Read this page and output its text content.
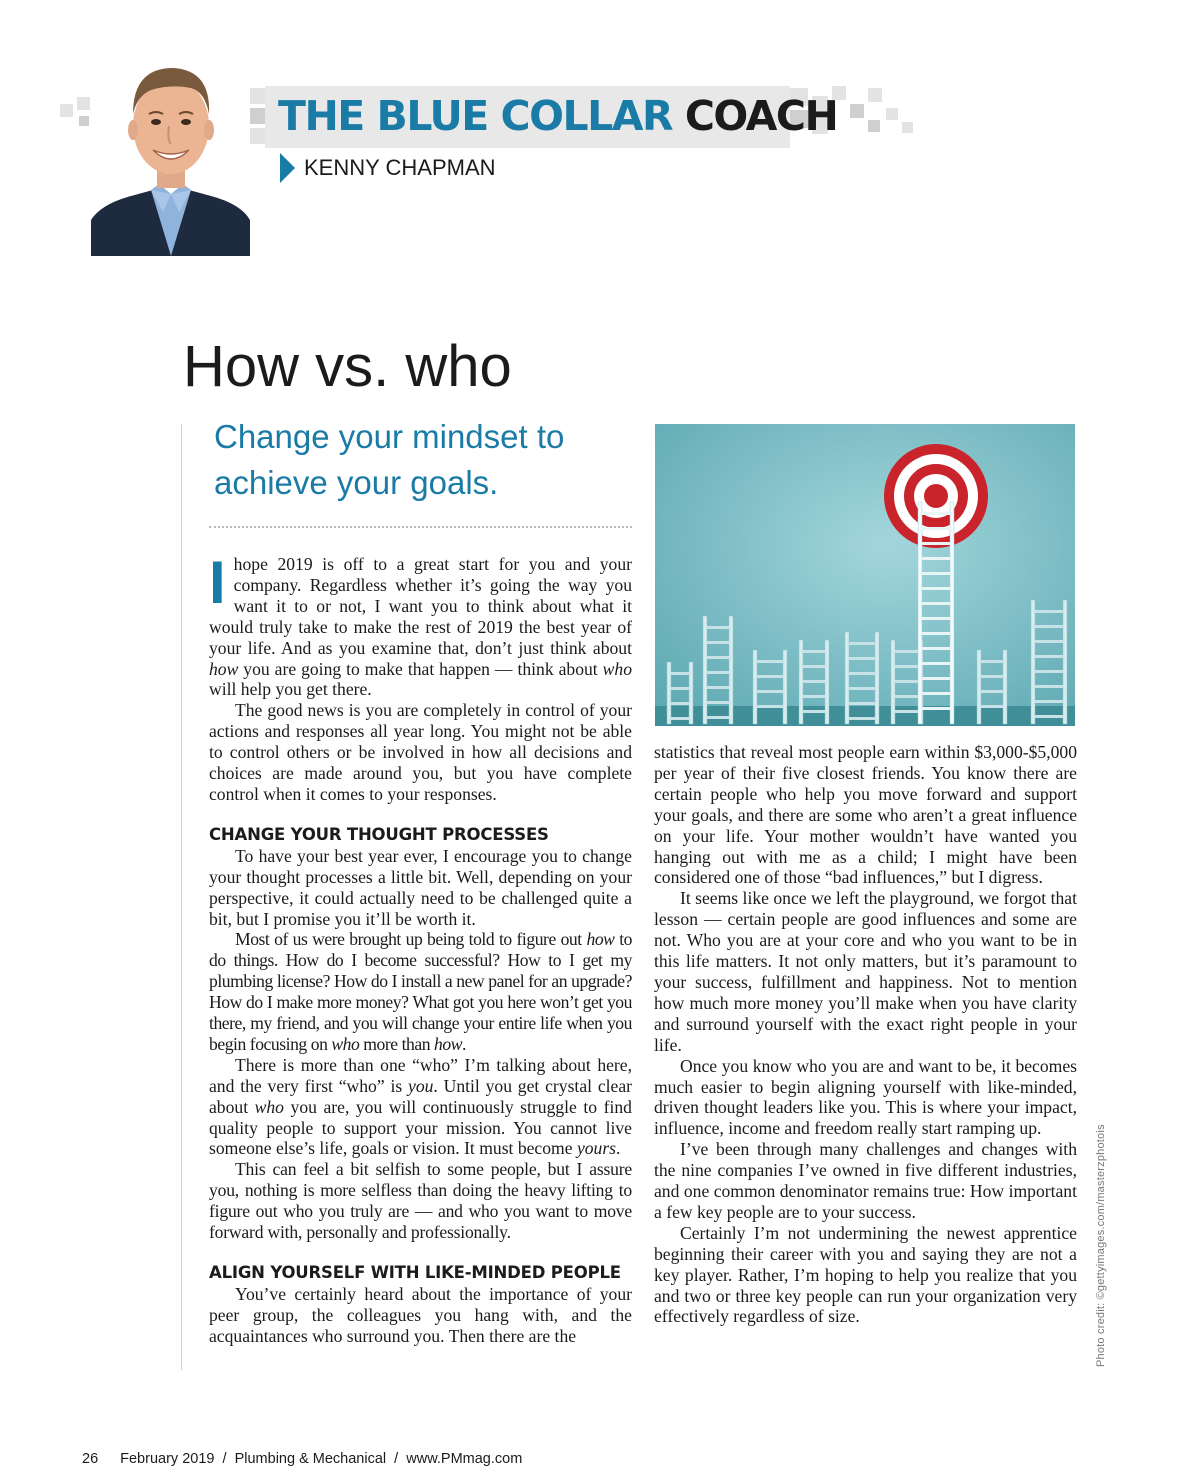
THE BLUE COLLAR COACH
KENNY CHAPMAN
How vs. who
Change your mindset to achieve your goals.

Ihope 2019 is off to a great start for you and your company. Regardless whether it’s going the way you want it to or not, I want you to think about what it would truly take to make the rest of 2019 the best year of your life. And as you examine that, don’t just think about how you are going to make that happen — think about who will help you get there.

The good news is you are completely in control of your actions and responses all year long. You might not be able to control others or be involved in how all decisions and choices are made around you, but you have complete control when it comes to your responses.

CHANGE YOUR THOUGHT PROCESSES

To have your best year ever, I encourage you to change your thought processes a little bit. Well, depending on your perspective, it could actually need to be challenged quite a bit, but I promise you it’ll be worth it.

Most of us were brought up being told to figure out how to do things. How do I become successful? How to I get my plumbing license? How do I install a new panel for an upgrade? How do I make more money? What got you here won’t get you there, my friend, and you will change your entire life when you begin focusing on who more than how.

There is more than one “who” I’m talking about here, and the very first “who” is you. Until you get crystal clear about who you are, you will continuously struggle to find quality people to support your mission. You cannot live someone else’s life, goals or vision. It must become yours.

This can feel a bit selfish to some people, but I assure you, nothing is more selfless than doing the heavy lifting to figure out who you truly are — and who you want to move forward with, personally and professionally.

ALIGN YOURSELF WITH LIKE-MINDED PEOPLE

You’ve certainly heard about the importance of your peer group, the colleagues you hang with, and the acquaintances who surround you. Then there are the

statistics that reveal most people earn within $3,000-$5,000 per year of their five closest friends. You know there are certain people who help you move forward and support your goals, and there are some who aren’t a great influence on your life. Your mother wouldn’t have wanted you hanging out with me as a child; I might have been considered one of those “bad influences,” but I digress.

It seems like once we left the playground, we forgot that lesson — certain people are good influences and some are not. Who you are at your core and who you want to be in this life matters. It not only matters, but it’s paramount to your success, fulfillment and happiness. Not to mention how much more money you’ll make when you have clarity and surround yourself with the exact right people in your life.

Once you know who you are and want to be, it becomes much easier to begin aligning yourself with like-minded, driven thought leaders like you. This is where your impact, influence, income and freedom really start ramping up.

I’ve been through many challenges and changes with the nine companies I’ve owned in five different industries, and one common denominator remains true: How important a few key people are to your success.

Certainly I’m not undermining the newest apprentice beginning their career with you and saying they are not a key player. Rather, I’m hoping to help you realize that you and two or three key people can run your organization very effectively regardless of size.	Photo credit: ©gettyimages.com/masterzphotois
26 February 2019  /  Plumbing & Mechanical  /  www.PMmag.com
